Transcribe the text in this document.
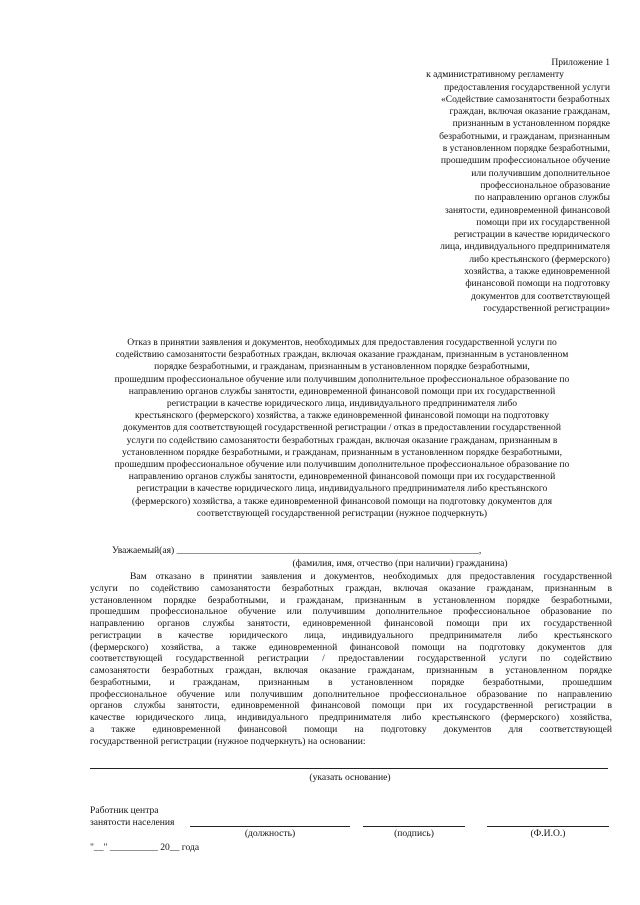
Приложение 1
к административному регламенту
предоставления государственной услуги
«Содействие самозанятости безработных
граждан, включая оказание гражданам,
признанным в установленном порядке
безработными, и гражданам, признанным
в установленном порядке безработными,
прошедшим профессиональное обучение
или получившим дополнительное
профессиональное образование
по направлению органов службы
занятости, единовременной финансовой
помощи при их государственной
регистрации в качестве юридического
лица, индивидуального предпринимателя
либо крестьянского (фермерского)
хозяйства, а также единовременной
финансовой помощи на подготовку
документов для соответствующей
государственной регистрации»
Отказ в принятии заявления и документов, необходимых для предоставления государственной услуги по
содействию самозанятости безработных граждан, включая оказание гражданам, признанным в установленном
порядке безработными, и гражданам, признанным в установленном порядке безработными,
прошедшим профессиональное обучение или получившим дополнительное профессиональное образование по
направлению органов службы занятости, единовременной финансовой помощи при их государственной
регистрации в качестве юридического лица, индивидуального предпринимателя либо
крестьянского (фермерского) хозяйства, а также единовременной финансовой помощи на подготовку
документов для соответствующей государственной регистрации / отказ в предоставлении государственной
услуги по содействию самозанятости безработных граждан, включая оказание гражданам, признанным в
установленном порядке безработными, и гражданам, признанным в установленном порядке безработными,
прошедшим профессиональное обучение или получившим дополнительное профессиональное образование по
направлению органов службы занятости, единовременной финансовой помощи при их государственной
регистрации в качестве юридического лица, индивидуального предпринимателя либо крестьянского
(фермерского) хозяйства, а также единовременной финансовой помощи на подготовку документов для
соответствующей государственной регистрации (нужное подчеркнуть)
Уважаемый(ая) _______________________________________________________________,
(фамилия, имя, отчество (при наличии) гражданина)
Вам отказано в принятии заявления и документов, необходимых для предоставления государственной
услуги по содействию самозанятости безработных граждан, включая оказание гражданам, признанным в
установленном порядке безработными, и гражданам, признанным в установленном порядке безработными,
прошедшим профессиональное обучение или получившим дополнительное профессиональное образование по
направлению органов службы занятости, единовременной финансовой помощи при их государственной
регистрации в качестве юридического лица, индивидуального предпринимателя либо крестьянского
(фермерского) хозяйства, а также единовременной финансовой помощи на подготовку документов для
соответствующей государственной регистрации / предоставлении государственной услуги по содействию
самозанятости безработных граждан, включая оказание гражданам, признанным в установленном порядке
безработными, и гражданам, признанным в установленном порядке безработными, прошедшим
профессиональное обучение или получившим дополнительное профессиональное образование по направлению
органов службы занятости, единовременной финансовой помощи при их государственной регистрации в
качестве юридического лица, индивидуального предпринимателя либо крестьянского (фермерского) хозяйства,
а также единовременной финансовой помощи на подготовку документов для соответствующей
государственной регистрации (нужное подчеркнуть) на основании:
(указать основание)
Работник центра
занятости населения
(должность)	(подпись)	(Ф.И.О.)
"__" __________ 20__ года
